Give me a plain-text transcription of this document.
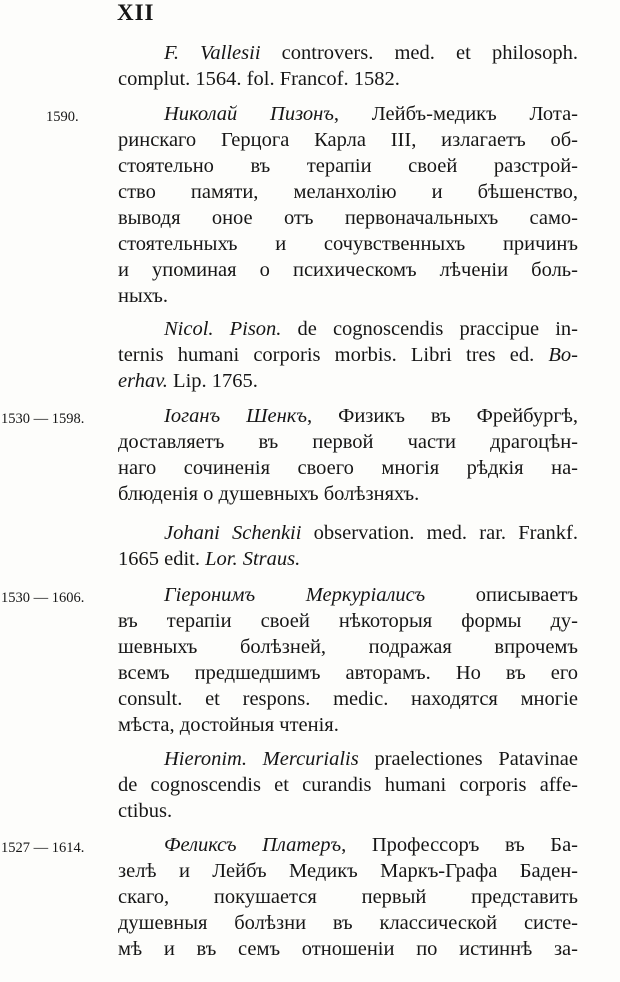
XII
F. Vallesii controvers. med. et philosoph.
complut. 1564. fol. Francof. 1582.
1590.	Николай Пизонъ, Лейбъ-медикъ Лота-
ринскаго Герцога Карла III, излагаетъ об-
стоятельно въ терапіи своей разстрой-
ство памяти, меланхолію и бѣшенство,
выводя оное отъ первоначальныхъ само-
стоятельныхъ и сочувственныхъ причинъ
и упоминая о психическомъ лѣченіи боль-
ныхъ.
Nicol. Pison. de cognoscendis praccipue in-
ternis humani corporis morbis. Libri tres ed. Bo-
erhav. Lip. 1765.
1530 — 1598.	Іоганъ Шенкъ, Физикъ въ Фрейбургѣ,
доставляетъ въ первой части драгоцѣн-
наго сочиненія своего многія рѣдкія на-
блюденія о душевныхъ болѣзняхъ.
Johani Schenkii observation. med. rar. Frankf.
1665 edit. Lor. Straus.
1530 — 1606.	Гіеронимъ Меркуріалисъ описываетъ
въ терапіи своей нѣкоторыя формы ду-
шевныхъ болѣзней, подражая впрочемъ
всемъ предшедшимъ авторамъ. Но въ его
consult. et respons. medic. находятся многіе
мѣста, достойныя чтенія.
Hieronim. Mercurialis praelectiones Patavinae
de cognoscendis et curandis humani corporis affe-
ctibus.
1527 — 1614.	Феликсъ Платеръ, Профессоръ въ Ба-
зелѣ и Лейбъ Медикъ Маркъ-Графа Баден-
скаго, покушается первый представить
душевныя болѣзни въ классической систе-
мѣ и въ семъ отношеніи по истиннѣ за-
